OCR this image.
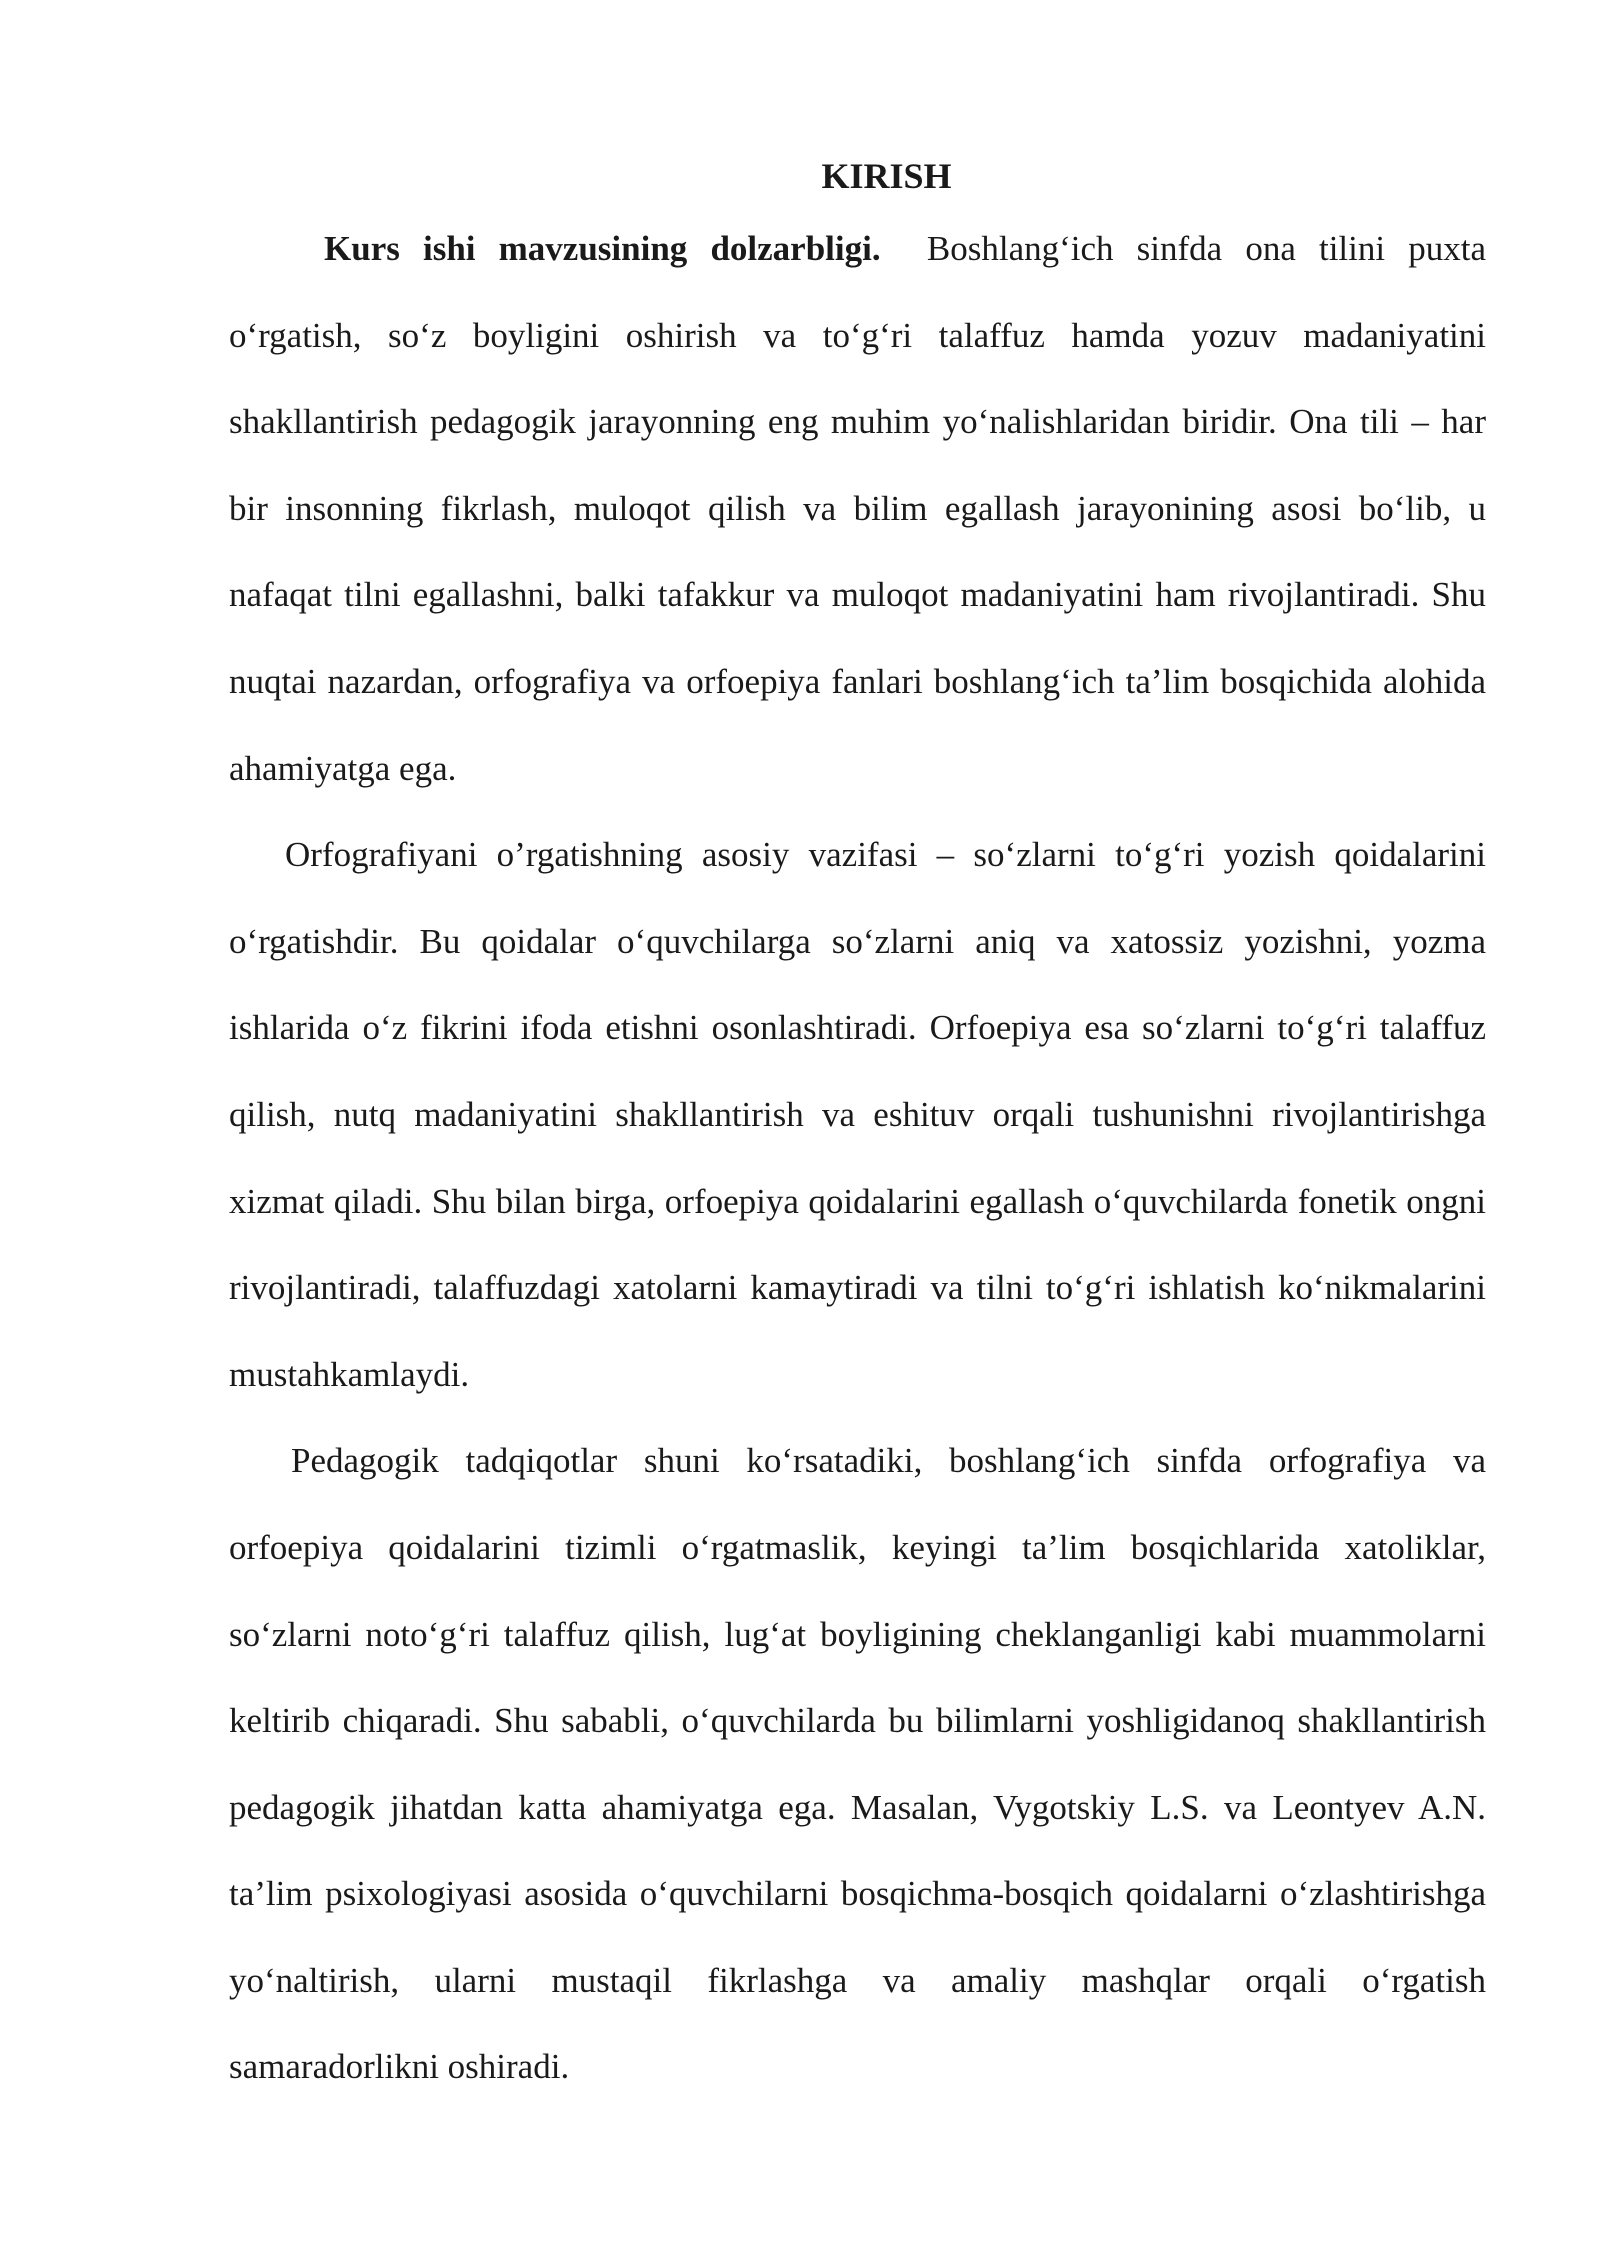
KIRISH

Kurs ishi mavzusining dolzarbligi. Boshlang‘ich sinfda ona tilini puxta o‘rgatish, so‘z boyligini oshirish va to‘g‘ri talaffuz hamda yozuv madaniyatini shakllantirish pedagogik jarayonning eng muhim yo‘nalishlaridan biridir. Ona tili – har bir insonning fikrlash, muloqot qilish va bilim egallash jarayonining asosi bo‘lib, u nafaqat tilni egallashni, balki tafakkur va muloqot madaniyatini ham rivojlantiradi. Shu nuqtai nazardan, orfografiya va orfoepiya fanlari boshlang‘ich ta’lim bosqichida alohida ahamiyatga ega.

Orfografiyani o’rgatishning asosiy vazifasi – so‘zlarni to‘g‘ri yozish qoidalarini o‘rgatishdir. Bu qoidalar o‘quvchilarga so‘zlarni aniq va xatossiz yozishni, yozma ishlarida o‘z fikrini ifoda etishni osonlashtiradi. Orfoepiya esa so‘zlarni to‘g‘ri talaffuz qilish, nutq madaniyatini shakllantirish va eshituv orqali tushunishni rivojlantirishga xizmat qiladi. Shu bilan birga, orfoepiya qoidalarini egallash o‘quvchilarda fonetik ongni rivojlantiradi, talaffuzdagi xatolarni kamaytiradi va tilni to‘g‘ri ishlatish ko‘nikmalarini mustahkamlaydi.

Pedagogik tadqiqotlar shuni ko‘rsatadiki, boshlang‘ich sinfda orfografiya va orfoepiya qoidalarini tizimli o‘rgatmaslik, keyingi ta’lim bosqichlarida xatoliklar, so‘zlarni noto‘g‘ri talaffuz qilish, lug‘at boyligining cheklanganligi kabi muammolarni keltirib chiqaradi. Shu sababli, o‘quvchilarda bu bilimlarni yoshligidanoq shakllantirish pedagogik jihatdan katta ahamiyatga ega. Masalan, Vygotskiy L.S. va Leontyev A.N. ta’lim psixologiyasi asosida o‘quvchilarni bosqichma-bosqich qoidalarni o‘zlashtirishga yo‘naltirish, ularni mustaqil fikrlashga va amaliy mashqlar orqali o‘rgatish samaradorlikni oshiradi.
